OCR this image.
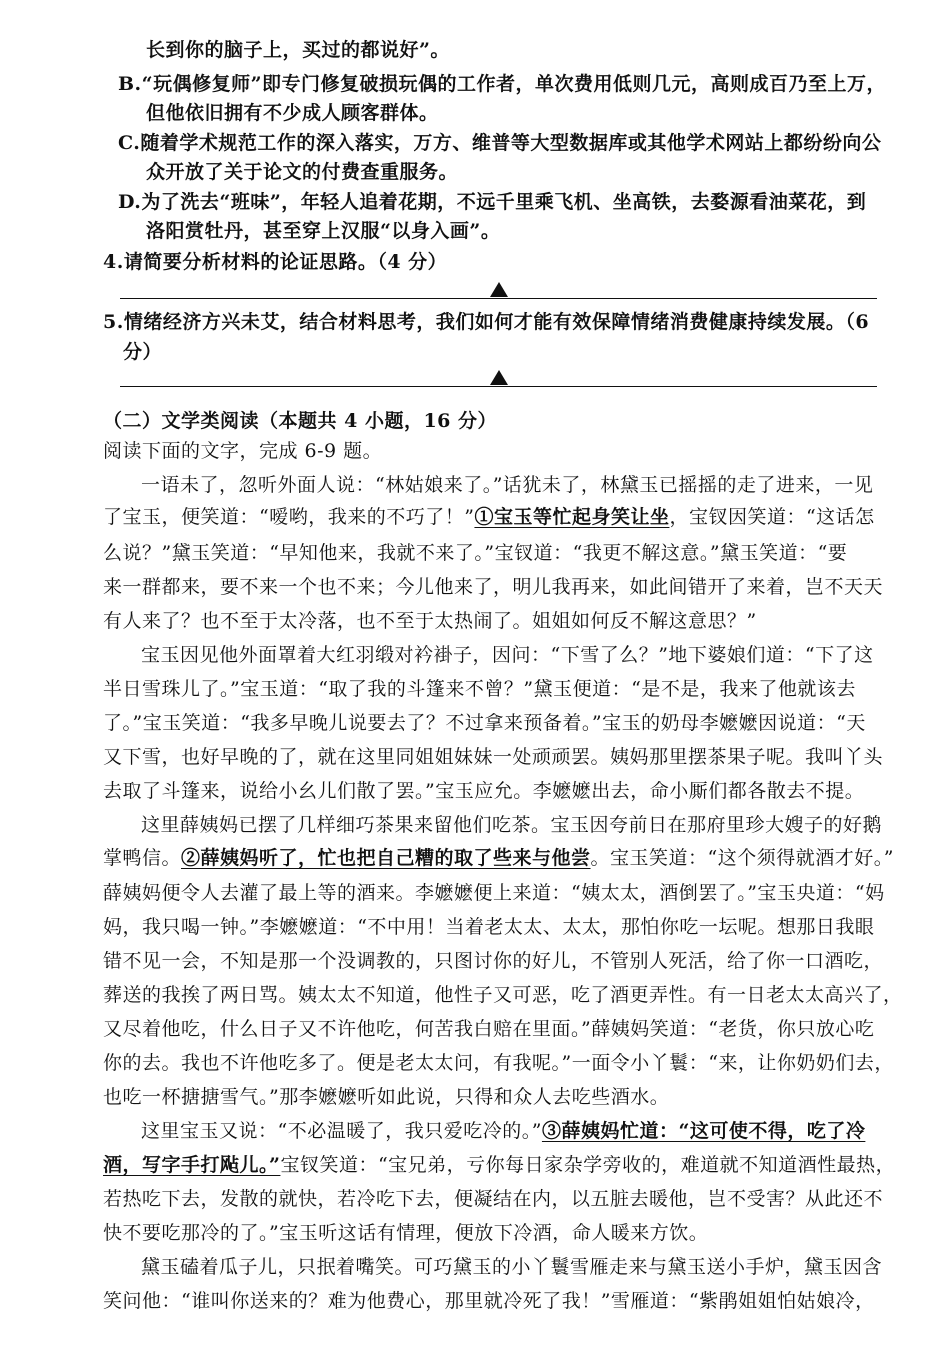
长到你的脑子上，买过的都说好”。
B.“玩偶修复师”即专门修复破损玩偶的工作者，单次费用低则几元，高则成百乃至上万，
但他依旧拥有不少成人顾客群体。
C.随着学术规范工作的深入落实，万方、维普等大型数据库或其他学术网站上都纷纷向公
众开放了关于论文的付费查重服务。
D.为了洗去“班味”，年轻人追着花期，不远千里乘飞机、坐高铁，去婺源看油菜花，到
洛阳赏牡丹，甚至穿上汉服“以身入画”。
4.请简要分析材料的论证思路。（4 分）
5.情绪经济方兴未艾，结合材料思考，我们如何才能有效保障情绪消费健康持续发展。（6
分）
（二）文学类阅读（本题共 4 小题，16 分）
阅读下面的文字，完成 6-9 题。
一语未了，忽听外面人说：“林姑娘来了。”话犹未了，林黛玉已摇摇的走了进来，一见
了宝玉，便笑道：“嗳哟，我来的不巧了！”①宝玉等忙起身笑让坐，宝钗因笑道：“这话怎
么说？”黛玉笑道：“早知他来，我就不来了。”宝钗道：“我更不解这意。”黛玉笑道：“要
来一群都来，要不来一个也不来；今儿他来了，明儿我再来，如此间错开了来着，岂不天天
有人来了？也不至于太冷落，也不至于太热闹了。姐姐如何反不解这意思？”
宝玉因见他外面罩着大红羽缎对衿褂子，因问：“下雪了么？”地下婆娘们道：“下了这
半日雪珠儿了。”宝玉道：“取了我的斗篷来不曾？”黛玉便道：“是不是，我来了他就该去
了。”宝玉笑道：“我多早晚儿说要去了？不过拿来预备着。”宝玉的奶母李嬷嬷因说道：“天
又下雪，也好早晚的了，就在这里同姐姐妹妹一处顽顽罢。姨妈那里摆茶果子呢。我叫丫头
去取了斗篷来，说给小幺儿们散了罢。”宝玉应允。李嬷嬷出去，命小厮们都各散去不提。
这里薛姨妈已摆了几样细巧茶果来留他们吃茶。宝玉因夸前日在那府里珍大嫂子的好鹅
掌鸭信。②薛姨妈听了，忙也把自己糟的取了些来与他尝。宝玉笑道：“这个须得就酒才好。”
薛姨妈便令人去灌了最上等的酒来。李嬷嬷便上来道：“姨太太，酒倒罢了。”宝玉央道：“妈
妈，我只喝一钟。”李嬷嬷道：“不中用！当着老太太、太太，那怕你吃一坛呢。想那日我眼
错不见一会，不知是那一个没调教的，只图讨你的好儿，不管别人死活，给了你一口酒吃，
葬送的我挨了两日骂。姨太太不知道，他性子又可恶，吃了酒更弄性。有一日老太太高兴了，
又尽着他吃，什么日子又不许他吃，何苦我白赔在里面。”薛姨妈笑道：“老货，你只放心吃
你的去。我也不许他吃多了。便是老太太问，有我呢。”一面令小丫鬟：“来，让你奶奶们去，
也吃一杯搪搪雪气。”那李嬷嬷听如此说，只得和众人去吃些酒水。
这里宝玉又说：“不必温暖了，我只爱吃冷的。”③薛姨妈忙道：“这可使不得，吃了冷
酒，写字手打飐儿。”宝钗笑道：“宝兄弟，亏你每日家杂学旁收的，难道就不知道酒性最热，
若热吃下去，发散的就快，若冷吃下去，便凝结在内，以五脏去暖他，岂不受害？从此还不
快不要吃那冷的了。”宝玉听这话有情理，便放下冷酒，命人暖来方饮。
黛玉磕着瓜子儿，只抿着嘴笑。可巧黛玉的小丫鬟雪雁走来与黛玉送小手炉，黛玉因含
笑问他：“谁叫你送来的？难为他费心，那里就冷死了我！”雪雁道：“紫鹃姐姐怕姑娘冷，
